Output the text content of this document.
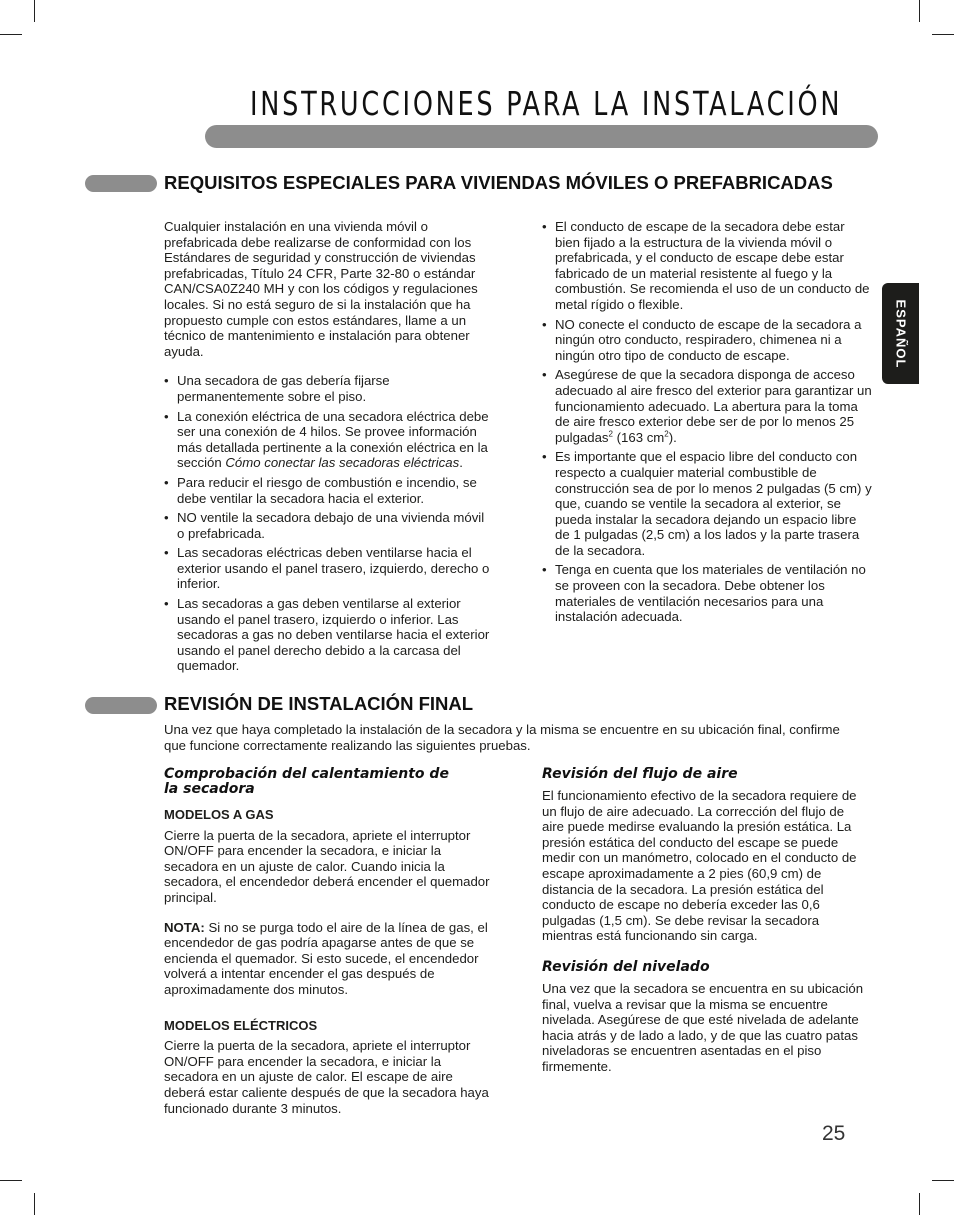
INSTRUCCIONES PARA LA INSTALACIÓN
ESPAÑOL
REQUISITOS ESPECIALES PARA VIVIENDAS MÓVILES O PREFABRICADAS

Cualquier instalación en una vivienda móvil o prefabricada debe realizarse de conformidad con los Estándares de seguridad y construcción de viviendas prefabricadas, Título 24 CFR, Parte 32-80 o estándar CAN/CSA0Z240 MH y con los códigos y regulaciones locales. Si no está seguro de si la instalación que ha propuesto cumple con estos estándares, llame a un técnico de mantenimiento e instalación para obtener ayuda.

• Una secadora de gas debería fijarse permanentemente sobre el piso.
• La conexión eléctrica de una secadora eléctrica debe ser una conexión de 4 hilos. Se provee información más detallada pertinente a la conexión eléctrica en la sección Cómo conectar las secadoras eléctricas.
• Para reducir el riesgo de combustión e incendio, se debe ventilar la secadora hacia el exterior.
• NO ventile la secadora debajo de una vivienda móvil o prefabricada.
• Las secadoras eléctricas deben ventilarse hacia el exterior usando el panel trasero, izquierdo, derecho o inferior.
• Las secadoras a gas deben ventilarse al exterior usando el panel trasero, izquierdo o inferior. Las secadoras a gas no deben ventilarse hacia el exterior usando el panel derecho debido a la carcasa del quemador.
• El conducto de escape de la secadora debe estar bien fijado a la estructura de la vivienda móvil o prefabricada, y el conducto de escape debe estar fabricado de un material resistente al fuego y la combustión. Se recomienda el uso de un conducto de metal rígido o flexible.
• NO conecte el conducto de escape de la secadora a ningún otro conducto, respiradero, chimenea ni a ningún otro tipo de conducto de escape.
• Asegúrese de que la secadora disponga de acceso adecuado al aire fresco del exterior para garantizar un funcionamiento adecuado. La abertura para la toma de aire fresco exterior debe ser de por lo menos 25 pulgadas$^2$ (163 $cm^2$).
• Es importante que el espacio libre del conducto con respecto a cualquier material combustible de construcción sea de por lo menos 2 pulgadas (5 cm) y que, cuando se ventile la secadora al exterior, se pueda instalar la secadora dejando un espacio libre de 1 pulgadas (2,5 cm) a los lados y la parte trasera de la secadora.
• Tenga en cuenta que los materiales de ventilación no se proveen con la secadora. Debe obtener los materiales de ventilación necesarios para una instalación adecuada.
REVISIÓN DE INSTALACIÓN FINAL
Una vez que haya completado la instalación de la secadora y la misma se encuentre en su ubicación final, confirme que funcione correctamente realizando las siguientes pruebas.
Comprobación del calentamiento de la secadora
MODELOS A GAS

Cierre la puerta de la secadora, apriete el interruptor ON/OFF para encender la secadora, e iniciar la secadora en un ajuste de calor. Cuando inicia la secadora, el encendedor deberá encender el quemador principal.

NOTA: Si no se purga todo el aire de la línea de gas, el encendedor de gas podría apagarse antes de que se encienda el quemador. Si esto sucede, el encendedor volverá a intentar encender el gas después de aproximadamente dos minutos.

MODELOS ELÉCTRICOS

Cierre la puerta de la secadora, apriete el interruptor ON/OFF para encender la secadora, e iniciar la secadora en un ajuste de calor. El escape de aire deberá estar caliente después de que la secadora haya funcionado durante 3 minutos.

Revisión del flujo de aire

El funcionamiento efectivo de la secadora requiere de un flujo de aire adecuado. La corrección del flujo de aire puede medirse evaluando la presión estática. La presión estática del conducto del escape se puede medir con un manómetro, colocado en el conducto de escape aproximadamente a 2 pies (60,9 cm) de distancia de la secadora. La presión estática del conducto de escape no debería exceder las 0,6 pulgadas (1,5 cm). Se debe revisar la secadora mientras está funcionando sin carga.

Revisión del nivelado

Una vez que la secadora se encuentra en su ubicación final, vuelva a revisar que la misma se encuentre nivelada. Asegúrese de que esté nivelada de adelante hacia atrás y de lado a lado, y de que las cuatro patas niveladoras se encuentren asentadas en el piso firmemente.

25
